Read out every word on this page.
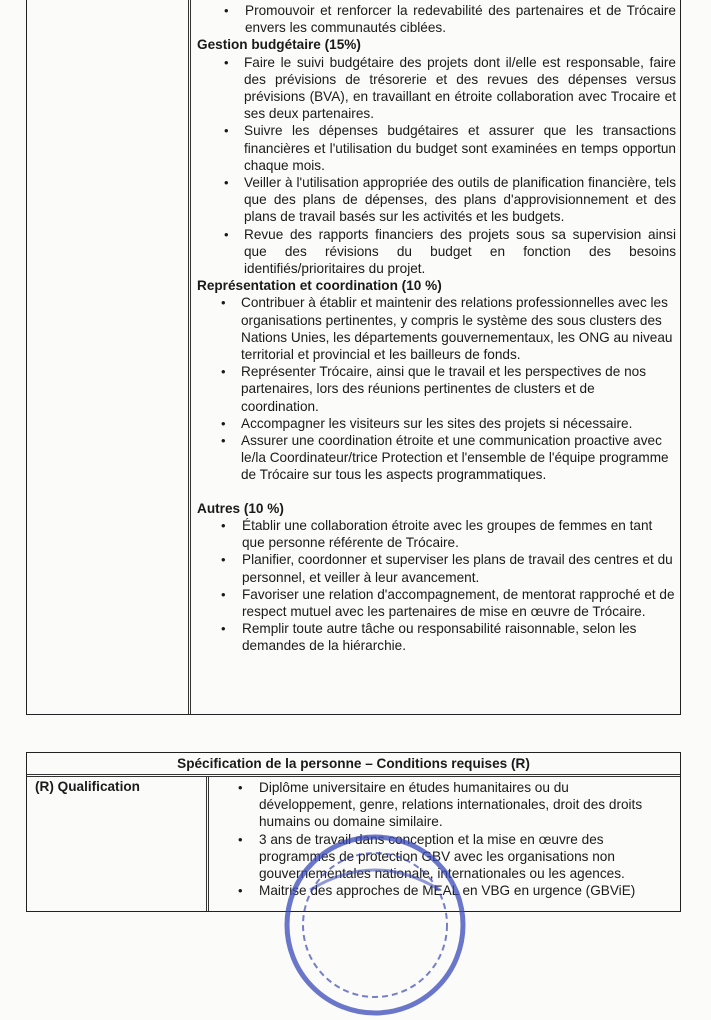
• Promouvoir et renforcer la redevabilité des partenaires et de Trócaire envers les communautés ciblées.

Gestion budgétaire (15%)

• Faire le suivi budgétaire des projets dont il/elle est responsable, faire des prévisions de trésorerie et des revues des dépenses versus prévisions (BVA), en travaillant en étroite collaboration avec Trocaire et ses deux partenaires.
• Suivre les dépenses budgétaires et assurer que les transactions financières et l'utilisation du budget sont examinées en temps opportun chaque mois.
• Veiller à l'utilisation appropriée des outils de planification financière, tels que des plans de dépenses, des plans d'approvisionnement et des plans de travail basés sur les activités et les budgets.
• Revue des rapports financiers des projets sous sa supervision ainsi que des révisions du budget en fonction des besoins identifiés/prioritaires du projet.

Représentation et coordination (10 %)

• Contribuer à établir et maintenir des relations professionnelles avec les organisations pertinentes, y compris le système des sous clusters des Nations Unies, les départements gouvernementaux, les ONG au niveau territorial et provincial et les bailleurs de fonds.
• Représenter Trócaire, ainsi que le travail et les perspectives de nos partenaires, lors des réunions pertinentes de clusters et de coordination.
• Accompagner les visiteurs sur les sites des projets si nécessaire.
• Assurer une coordination étroite et une communication proactive avec le/la Coordinateur/trice Protection et l'ensemble de l'équipe programme de Trócaire sur tous les aspects programmatiques.

Autres (10 %)

• Établir une collaboration étroite avec les groupes de femmes en tant que personne référente de Trócaire.
• Planifier, coordonner et superviser les plans de travail des centres et du personnel, et veiller à leur avancement.
• Favoriser une relation d'accompagnement, de mentorat rapproché et de respect mutuel avec les partenaires de mise en œuvre de Trócaire.
• Remplir toute autre tâche ou responsabilité raisonnable, selon les demandes de la hiérarchie.
Spécification de la personne – Conditions requises (R)
(R) Qualification	• Diplôme universitaire en études humanitaires ou du développement, genre, relations internationales, droit des droits humains ou domaine similaire.
• 3 ans de travail dans conception et la mise en œuvre des programmes de protection GBV avec les organisations non gouvernementales nationale, internationales ou les agences.
• Maitrise des approches de MEAL en VBG en urgence (GBViE)
